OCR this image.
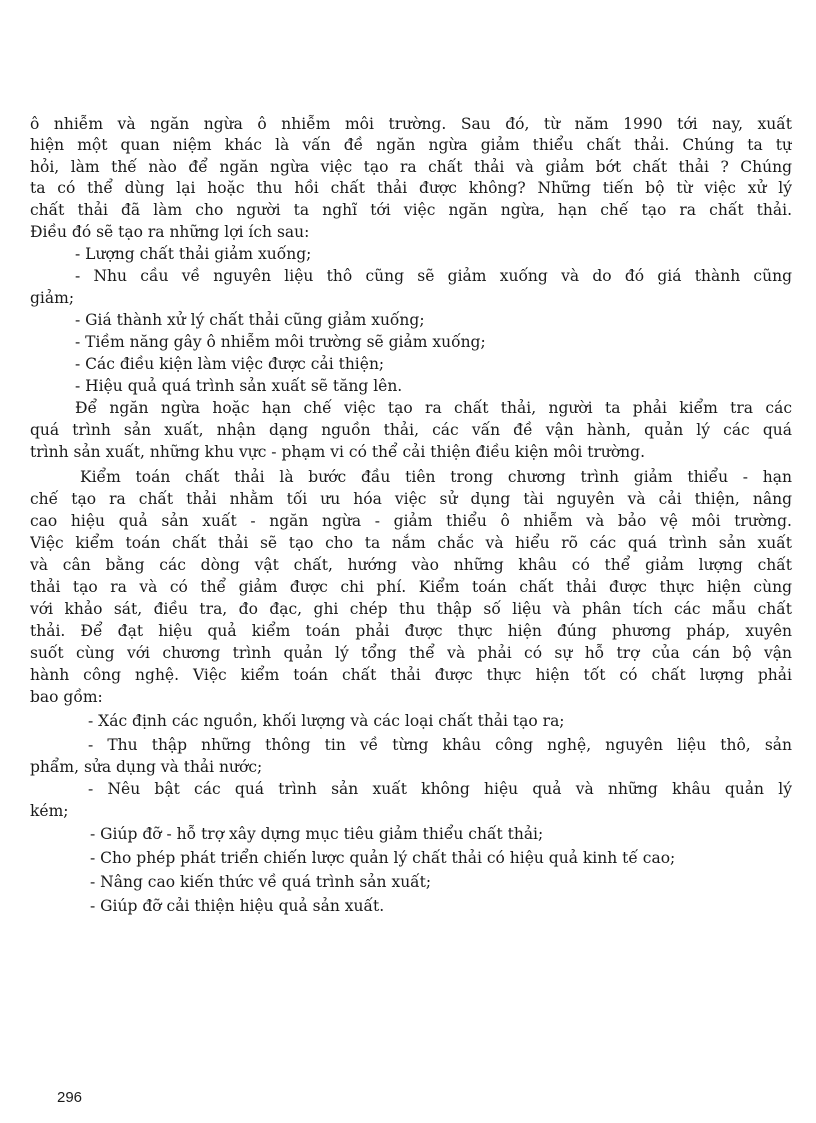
ô nhiễm và ngăn ngừa ô nhiễm môi trường. Sau đó, từ năm 1990 tới nay, xuất
hiện một quan niệm khác là vấn đề ngăn ngừa giảm thiểu chất thải. Chúng ta tự
hỏi, làm thế nào để ngăn ngừa việc tạo ra chất thải và giảm bớt chất thải ? Chúng
ta có thể dùng lại hoặc thu hồi chất thải được không? Những tiến bộ từ việc xử lý
chất thải đã làm cho người ta nghĩ tới việc ngăn ngừa, hạn chế tạo ra chất thải.
Điều đó sẽ tạo ra những lợi ích sau:
- Lượng chất thải giảm xuống;
- Nhu cầu về nguyên liệu thô cũng sẽ giảm xuống và do đó giá thành cũng
giảm;
- Giá thành xử lý chất thải cũng giảm xuống;
- Tiềm năng gây ô nhiễm môi trường sẽ giảm xuống;
- Các điều kiện làm việc được cải thiện;
- Hiệu quả quá trình sản xuất sẽ tăng lên.
Để ngăn ngừa hoặc hạn chế việc tạo ra chất thải, người ta phải kiểm tra các
quá trình sản xuất, nhận dạng nguồn thải, các vấn đề vận hành, quản lý các quá
trình sản xuất, những khu vực - phạm vi có thể cải thiện điều kiện môi trường.
Kiểm toán chất thải là bước đầu tiên trong chương trình giảm thiểu - hạn
chế tạo ra chất thải nhằm tối ưu hóa việc sử dụng tài nguyên và cải thiện, nâng
cao hiệu quả sản xuất - ngăn ngừa - giảm thiểu ô nhiễm và bảo vệ môi trường.
Việc kiểm toán chất thải sẽ tạo cho ta nắm chắc và hiểu rõ các quá trình sản xuất
và cân bằng các dòng vật chất, hướng vào những khâu có thể giảm lượng chất
thải tạo ra và có thể giảm được chi phí. Kiểm toán chất thải được thực hiện cùng
với khảo sát, điều tra, đo đạc, ghi chép thu thập số liệu và phân tích các mẫu chất
thải. Để đạt hiệu quả kiểm toán phải được thực hiện đúng phương pháp, xuyên
suốt cùng với chương trình quản lý tổng thể và phải có sự hỗ trợ của cán bộ vận
hành công nghệ. Việc kiểm toán chất thải được thực hiện tốt có chất lượng phải
bao gồm:
- Xác định các nguồn, khối lượng và các loại chất thải tạo ra;
- Thu thập những thông tin về từng khâu công nghệ, nguyên liệu thô, sản
phẩm, sửa dụng và thải nước;
- Nêu bật các quá trình sản xuất không hiệu quả và những khâu quản lý
kém;
- Giúp đỡ - hỗ trợ xây dựng mục tiêu giảm thiểu chất thải;
- Cho phép phát triển chiến lược quản lý chất thải có hiệu quả kinh tế cao;
- Nâng cao kiến thức về quá trình sản xuất;
- Giúp đỡ cải thiện hiệu quả sản xuất.
296
